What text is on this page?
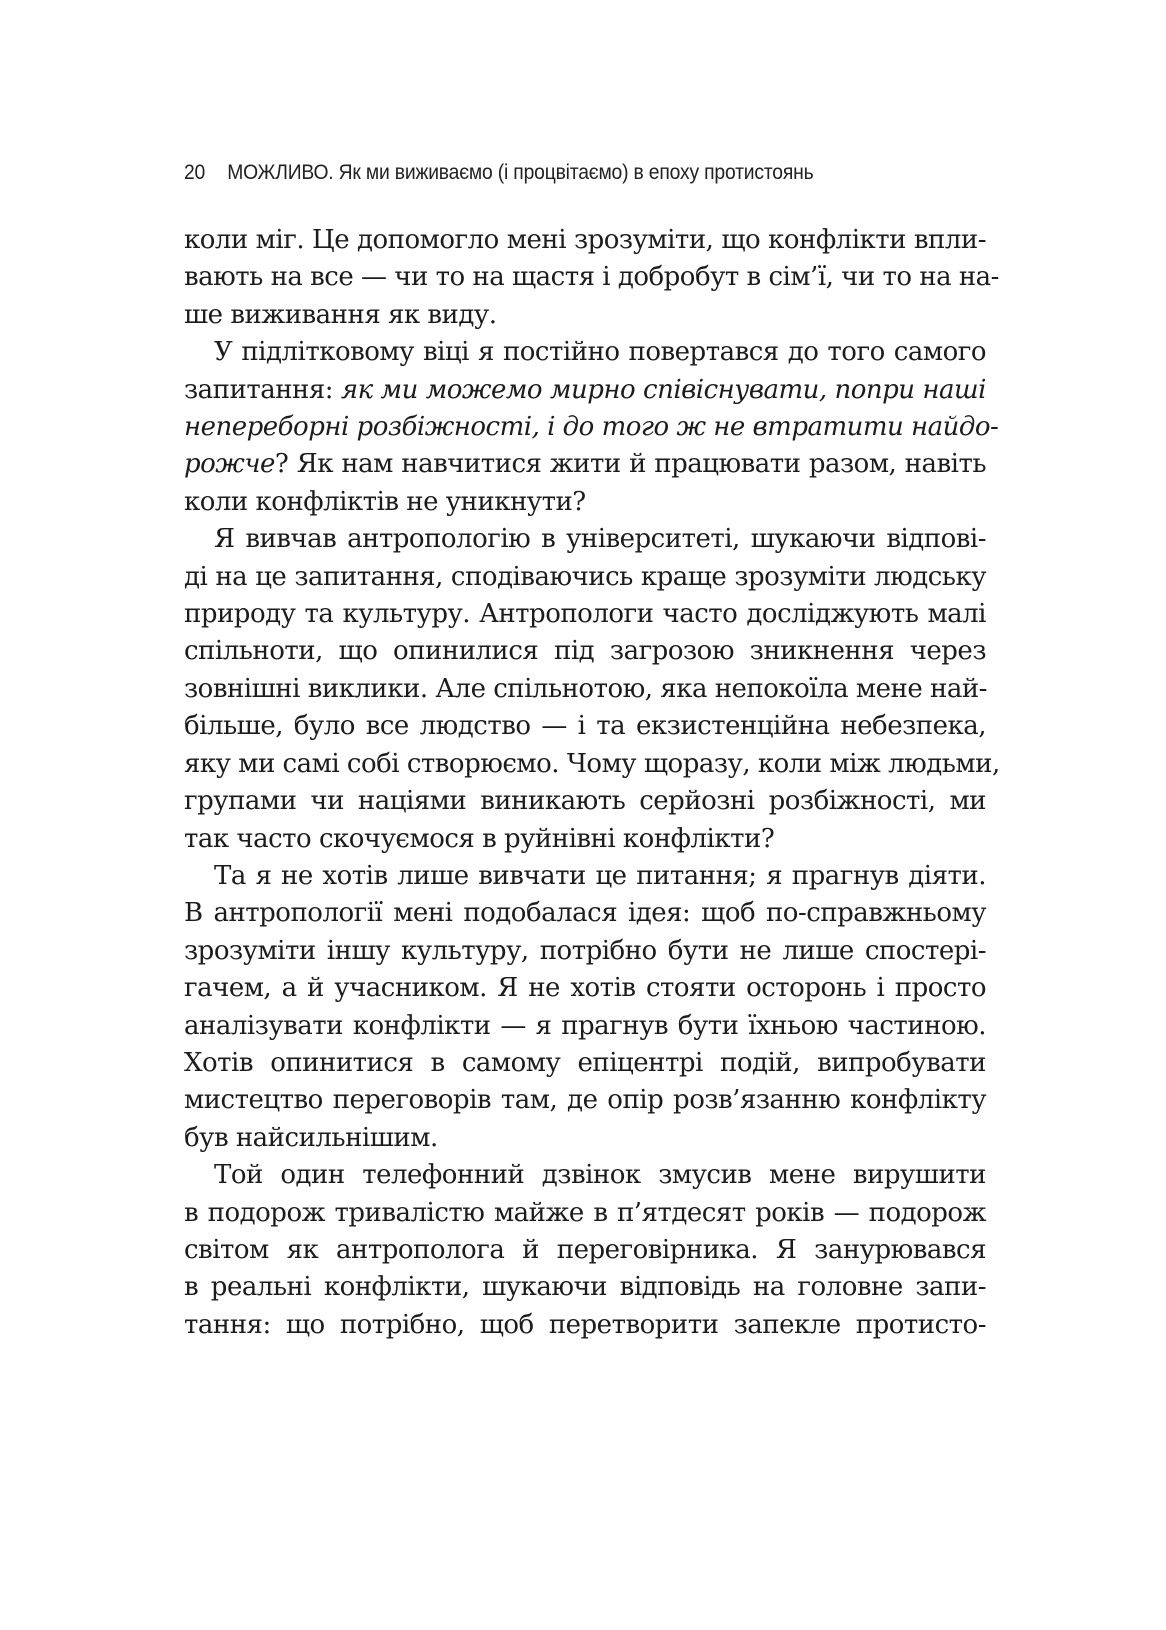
20 МОЖЛИВО. Як ми виживаємо (і процвітаємо) в епоху протистоянь
коли міг. Це допомогло мені зрозуміти, що конфлікти впли-
вають на все — чи то на щастя і добробут в сім’ї, чи то на на-
ше виживання як виду.
У підлітковому віці я постійно повертався до того самого
запитання: як ми можемо мирно співіснувати, попри наші
непереборні розбіжності, і до того ж не втратити найдо-
рожче? Як нам навчитися жити й працювати разом, навіть
коли конфліктів не уникнути?
Я вивчав антропологію в університеті, шукаючи відпові-
ді на це запитання, сподіваючись краще зрозуміти людську
природу та культуру. Антропологи часто досліджують малі
спільноти, що опинилися під загрозою зникнення через
зовнішні виклики. Але спільнотою, яка непокоїла мене най-
більше, було все людство — і та екзистенційна небезпека,
яку ми самі собі створюємо. Чому щоразу, коли між людьми,
групами чи націями виникають серйозні розбіжності, ми
так часто скочуємося в руйнівні конфлікти?
Та я не хотів лише вивчати це питання; я прагнув діяти.
В антропології мені подобалася ідея: щоб по-справжньому
зрозуміти іншу культуру, потрібно бути не лише спостері-
гачем, а й учасником. Я не хотів стояти осторонь і просто
аналізувати конфлікти — я прагнув бути їхньою частиною.
Хотів опинитися в самому епіцентрі подій, випробувати
мистецтво переговорів там, де опір розв’язанню конфлікту
був найсильнішим.
Той один телефонний дзвінок змусив мене вирушити
в подорож тривалістю майже в п’ятдесят років — подорож
світом як антрополога й переговірника. Я занурювався
в реальні конфлікти, шукаючи відповідь на головне запи-
тання: що потрібно, щоб перетворити запекле протисто-
